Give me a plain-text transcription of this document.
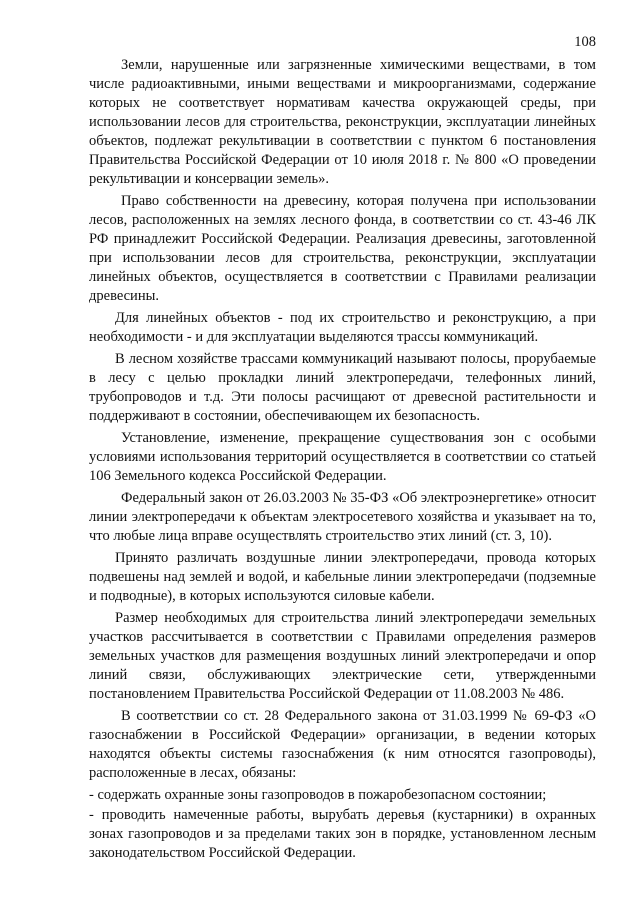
108

Земли, нарушенные или загрязненные химическими веществами, в том числе радиоактивными, иными веществами и микроорганизмами, содержание которых не соответствует нормативам качества окружающей среды, при использовании лесов для строительства, реконструкции, эксплуатации линейных объектов, подлежат рекультивации в соответствии с пунктом 6 постановления Правительства Российской Федерации от 10 июля 2018 г. № 800 «О проведении рекультивации и консервации земель».

Право собственности на древесину, которая получена при использовании лесов, расположенных на землях лесного фонда, в соответствии со ст. 43-46 ЛК РФ принадлежит Российской Федерации. Реализация древесины, заготовленной при использовании лесов для строительства, реконструкции, эксплуатации линейных объектов, осуществляется в соответствии с Правилами реализации древесины.

Для линейных объектов - под их строительство и реконструкцию, а при необходимости - и для эксплуатации выделяются трассы коммуникаций.

В лесном хозяйстве трассами коммуникаций называют полосы, прорубаемые в лесу с целью прокладки линий электропередачи, телефонных линий, трубопроводов и т.д. Эти полосы расчищают от древесной растительности и поддерживают в состоянии, обеспечивающем их безопасность.

Установление, изменение, прекращение существования зон с особыми условиями использования территорий осуществляется в соответствии со статьей 106 Земельного кодекса Российской Федерации.

Федеральный закон от 26.03.2003 № 35-ФЗ «Об электроэнергетике» относит линии электропередачи к объектам электросетевого хозяйства и указывает на то, что любые лица вправе осуществлять строительство этих линий (ст. 3, 10).

Принято различать воздушные линии электропередачи, провода которых подвешены над землей и водой, и кабельные линии электропередачи (подземные и подводные), в которых используются силовые кабели.

Размер необходимых для строительства линий электропередачи земельных участков рассчитывается в соответствии с Правилами определения размеров земельных участков для размещения воздушных линий электропередачи и опор линий связи, обслуживающих электрические сети, утвержденными постановлением Правительства Российской Федерации от 11.08.2003 № 486.

В соответствии со ст. 28 Федерального закона от 31.03.1999 № 69-ФЗ «О газоснабжении в Российской Федерации» организации, в ведении которых находятся объекты системы газоснабжения (к ним относятся газопроводы), расположенные в лесах, обязаны:

- содержать охранные зоны газопроводов в пожаробезопасном состоянии;

- проводить намеченные работы, вырубать деревья (кустарники) в охранных зонах газопроводов и за пределами таких зон в порядке, установленном лесным законодательством Российской Федерации.
